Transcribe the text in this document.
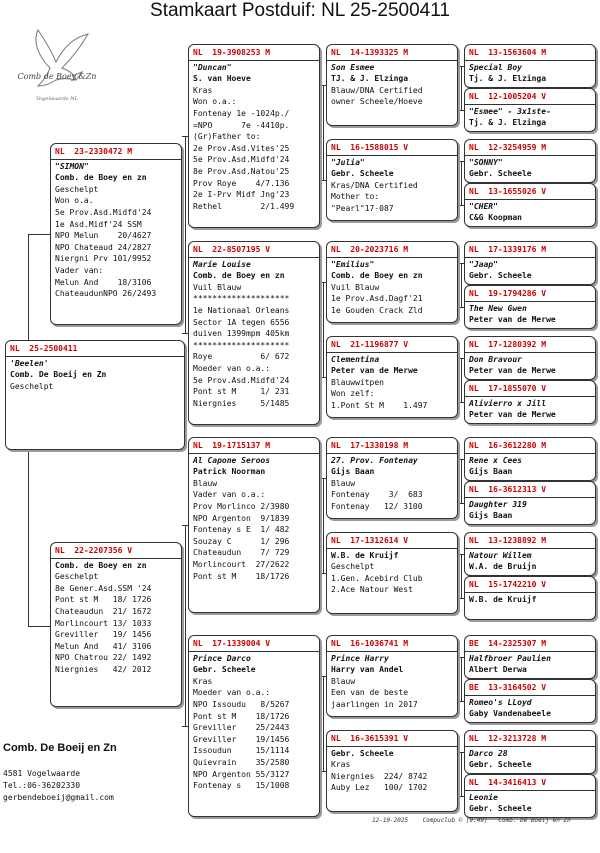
Stamkaart Postduif: NL 25-2500411
Comb de Boey &Zn
Vogelwaarde NL
NL  25-2500411
'Beelen'
Comb. De Boeij en Zn
Geschelpt
NL  23-2330472 M
"SIMON"
Comb. de Boey en zn
Geschelpt
Won o.a.
5e Prov.Asd.Midfd'24
1e Asd.Midf'24 SSM
NPO Melun    20/4627
NPO Chateaud 24/2827
Niergni Prv 101/9952
Vader van:
Melun And    18/3106
ChateaudunNPO 26/2493
NL  22-2207356 V
Comb. de Boey en zn
Geschelpt
8e Gener.Asd.SSM '24
Pont st M   18/ 1726
Chateaudun  21/ 1672
Morlincourt 13/ 1033
Greviller   19/ 1456
Melun And   41/ 3106
NPO Chatrou 22/ 1492
Niergnies   42/ 2012
NL  19-3908253 M
"Duncan"
S. van Hoeve
Kras
Won o.a.:
Fontenay 1e -1024p./
=NPO      7e -4410p.
(Gr)Father to:
2e Prov.Asd.Vites'25
5e Prov.Asd.Midfd'24
8e Prov.Asd.Natou'25
Prov Roye    4/7.136
2e I-Prv Midf Jng'23
Rethel        2/1.499
NL  22-8507195 V
Marie Louise
Comb. de Boey en zn
Vuil Blauw
********************
1e Nationaal Orleans
Sector 1A tegen 6556
duiven 1399mpm 405km
********************
Roye          6/ 672
Moeder van o.a.:
5e Prov.Asd.Midfd'24
Pont st M     1/ 231
Niergnies     5/1485
NL  19-1715137 M
Al Capone Seroos
Patrick Noorman
Blauw
Vader van o.a.:
Prov Morlinco 2/3980
NPO Argenton  9/1839
Fontenay s E  1/ 482
Souzay C      1/ 296
Chateaudun    7/ 729
Morlincourt  27/2622
Pont st M    18/1726
NL  17-1339004 V
Prince Darco
Gebr. Scheele
Kras
Moeder van o.a.:
NPO Issoudu   8/5267
Pont st M    18/1726
Greviller    25/2443
Greviller    19/1456
Issoudun     15/1114
Quievrain    35/2580
NPO Argenton 55/3127
Fontenay s   15/1008
NL  14-1393325 M
Son Esmee
TJ. & J. Elzinga
Blauw/DNA Certified
owner Scheele/Hoeve
NL  16-1588015 V
"Julia"
Gebr. Scheele
Kras/DNA Certified
Mother to:
"Pearl"17-087
NL  20-2023716 M
"Emilius"
Comb. de Boey en zn
Vuil Blauw
1e Prov.Asd.Dagf'21
1e Gouden Crack Zld
NL  21-1196877 V
Clementina
Peter van de Merwe
Blauwwitpen
Won zelf:
1.Pont St M    1.497
NL  17-1330198 M
27. Prov. Fontenay
Gijs Baan
Blauw
Fontenay    3/  683
Fontenay   12/ 3100
NL  17-1312614 V
W.B. de Kruijf
Geschelpt
1.Gen. Acebird Club
2.Ace Natour West
NL  16-1036741 M
Prince Harry
Harry van Andel
Blauw
Een van de beste
jaarlingen in 2017
NL  16-3615391 V
Gebr. Scheele
Kras
Niergnies  224/ 8742
Auby Lez   100/ 1702
NL  13-1563604 M
Special Boy
Tj. & J. Elzinga
NL  12-1005204 V
"Esmee" - 3x1ste-
Tj. & J. Elzinga
NL  12-3254959 M
"SONNY"
Gebr. Scheele
NL  13-1655026 V
"CHER"
C&G Koopman
NL  17-1339176 M
"Jaap"
Gebr. Scheele
NL  19-1794286 V
The New Gwen
Peter van de Merwe
NL  17-1280392 M
Don Bravour
Peter van de Merwe
NL  17-1855070 V
Alivierro x Jill
Peter van de Merwe
NL  16-3612280 M
Rene x Cees
Gijs Baan
NL  16-3612313 V
Daughter 319
Gijs Baan
NL  13-1238892 M
Natour Willem
W.A. de Bruijn
NL  15-1742210 V
W.B. de Kruijf
BE  14-2325307 M
Halfbroer Paulien
Albert Derwa
BE  13-3164502 V
Romeo's LLoyd
Gaby Vandenabeele
NL  12-3213728 M
Darco 28
Gebr. Scheele
NL  14-3416413 V
Leonie
Gebr. Scheele
Comb. De Boeij en Zn
4581 Vogelwaarde
Tel.:06-36202330
gerbendeboeij@gmail.com
12-10-2025    Compuclub © [9.49]   Comb. De Boeij en Zn
